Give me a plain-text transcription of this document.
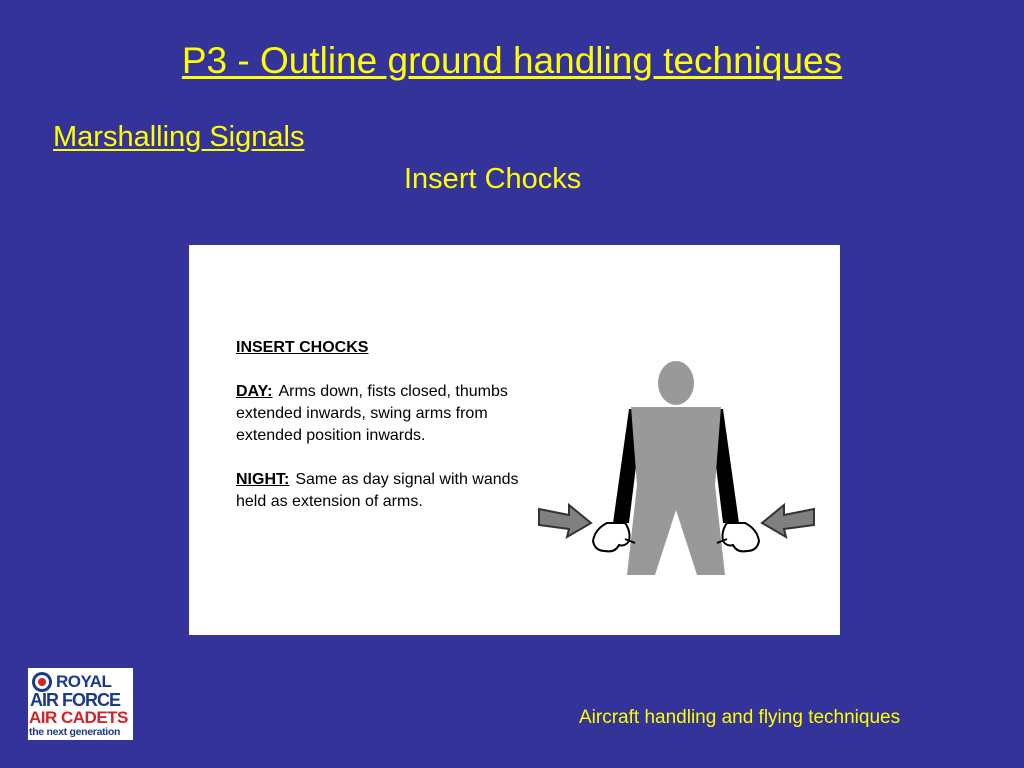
P3 - Outline ground handling techniques
Marshalling Signals
Insert Chocks
INSERT CHOCKS
DAY: Arms down, fists closed, thumbs extended inwards, swing arms from extended position inwards.
NIGHT: Same as day signal with wands held as extension of arms.
ROYAL
AIR FORCE
AIR CADETS
the next generation
Aircraft handling and flying techniques
